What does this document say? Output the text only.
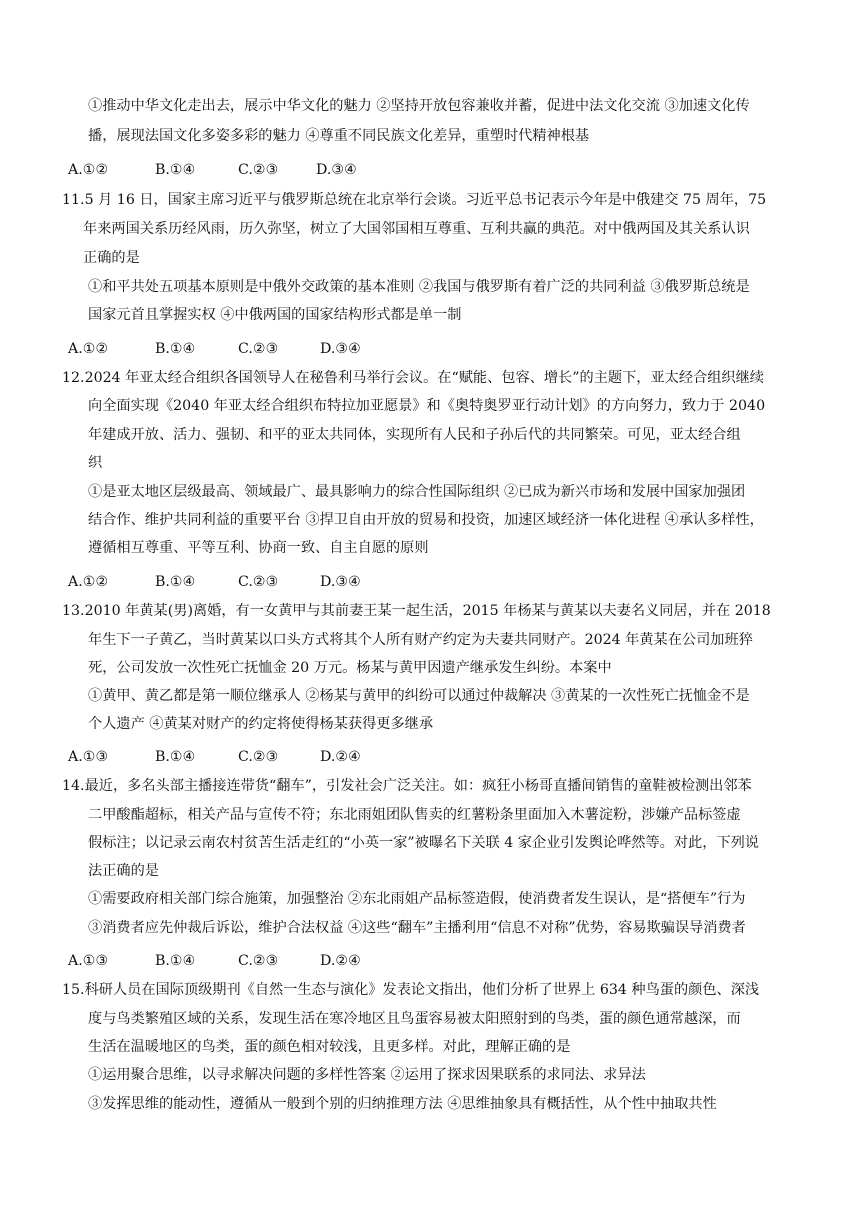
①推动中华文化走出去，展示中华文化的魅力 ②坚持开放包容兼收并蓄，促进中法文化交流 ③加速文化传
播，展现法国文化多姿多彩的魅力 ④尊重不同民族文化差异，重塑时代精神根基
A.①②	B.①④	C.②③	D.③④
11.5 月 16 日，国家主席习近平与俄罗斯总统在北京举行会谈。习近平总书记表示今年是中俄建交 75 周年，75
年来两国关系历经风雨，历久弥坚，树立了大国邻国相互尊重、互利共赢的典范。对中俄两国及其关系认识
正确的是
①和平共处五项基本原则是中俄外交政策的基本准则 ②我国与俄罗斯有着广泛的共同利益 ③俄罗斯总统是
国家元首且掌握实权 ④中俄两国的国家结构形式都是单一制
A.①②	B.①④	C.②③	D.③④
12.2024 年亚太经合组织各国领导人在秘鲁利马举行会议。在“赋能、包容、增长”的主题下，亚太经合组织继续
向全面实现《2040 年亚太经合组织布特拉加亚愿景》和《奥特奥罗亚行动计划》的方向努力，致力于 2040
年建成开放、活力、强韧、和平的亚太共同体，实现所有人民和子孙后代的共同繁荣。可见，亚太经合组
织
①是亚太地区层级最高、领域最广、最具影响力的综合性国际组织 ②已成为新兴市场和发展中国家加强团
结合作、维护共同利益的重要平台 ③捍卫自由开放的贸易和投资，加速区域经济一体化进程 ④承认多样性，
遵循相互尊重、平等互利、协商一致、自主自愿的原则
A.①②	B.①④	C.②③	D.③④
13.2010 年黄某(男)离婚，有一女黄甲与其前妻王某一起生活，2015 年杨某与黄某以夫妻名义同居，并在 2018
年生下一子黄乙，当时黄某以口头方式将其个人所有财产约定为夫妻共同财产。2024 年黄某在公司加班猝
死，公司发放一次性死亡抚恤金 20 万元。杨某与黄甲因遗产继承发生纠纷。本案中
①黄甲、黄乙都是第一顺位继承人 ②杨某与黄甲的纠纷可以通过仲裁解决 ③黄某的一次性死亡抚恤金不是
个人遗产 ④黄某对财产的约定将使得杨某获得更多继承
A.①③	B.①④	C.②③	D.②④
14.最近，多名头部主播接连带货“翻车”，引发社会广泛关注。如：疯狂小杨哥直播间销售的童鞋被检测出邻苯
二甲酸酯超标，相关产品与宣传不符；东北雨姐团队售卖的红薯粉条里面加入木薯淀粉，涉嫌产品标签虚
假标注；以记录云南农村贫苦生活走红的“小英一家”被曝名下关联 4 家企业引发舆论哗然等。对此，下列说
法正确的是
①需要政府相关部门综合施策，加强整治 ②东北雨姐产品标签造假，使消费者发生误认，是“搭便车”行为
③消费者应先仲裁后诉讼，维护合法权益 ④这些“翻车”主播利用“信息不对称”优势，容易欺骗误导消费者
A.①③	B.①④	C.②③	D.②④
15.科研人员在国际顶级期刊《自然一生态与演化》发表论文指出，他们分析了世界上 634 种鸟蛋的颜色、深浅
度与鸟类繁殖区域的关系，发现生活在寒冷地区且鸟蛋容易被太阳照射到的鸟类，蛋的颜色通常越深，而
生活在温暖地区的鸟类，蛋的颜色相对较浅，且更多样。对此，理解正确的是
①运用聚合思维，以寻求解决问题的多样性答案 ②运用了探求因果联系的求同法、求异法
③发挥思维的能动性，遵循从一般到个别的归纳推理方法 ④思维抽象具有概括性，从个性中抽取共性
